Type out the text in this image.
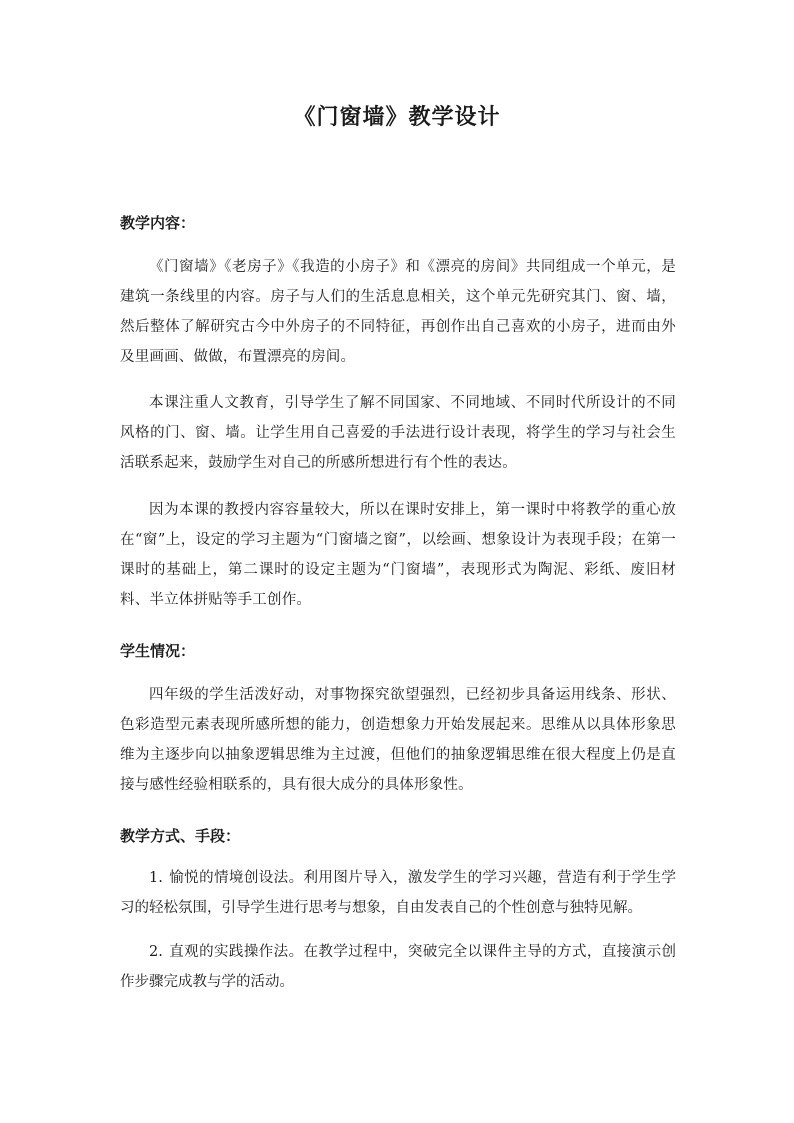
《门窗墙》教学设计
教学内容：
《门窗墙》《老房子》《我造的小房子》和《漂亮的房间》共同组成一个单元，是建筑一条线里的内容。房子与人们的生活息息相关，这个单元先研究其门、窗、墙，然后整体了解研究古今中外房子的不同特征，再创作出自己喜欢的小房子，进而由外及里画画、做做，布置漂亮的房间。
本课注重人文教育，引导学生了解不同国家、不同地域、不同时代所设计的不同风格的门、窗、墙。让学生用自己喜爱的手法进行设计表现，将学生的学习与社会生活联系起来，鼓励学生对自己的所感所想进行有个性的表达。
因为本课的教授内容容量较大，所以在课时安排上，第一课时中将教学的重心放在“窗”上，设定的学习主题为“门窗墙之窗”，以绘画、想象设计为表现手段；在第一课时的基础上，第二课时的设定主题为“门窗墙”，表现形式为陶泥、彩纸、废旧材料、半立体拼贴等手工创作。
学生情况：
四年级的学生活泼好动，对事物探究欲望强烈，已经初步具备运用线条、形状、色彩造型元素表现所感所想的能力，创造想象力开始发展起来。思维从以具体形象思维为主逐步向以抽象逻辑思维为主过渡，但他们的抽象逻辑思维在很大程度上仍是直接与感性经验相联系的，具有很大成分的具体形象性。
教学方式、手段：
1. 愉悦的情境创设法。利用图片导入，激发学生的学习兴趣，营造有利于学生学习的轻松氛围，引导学生进行思考与想象，自由发表自己的个性创意与独特见解。
2. 直观的实践操作法。在教学过程中，突破完全以课件主导的方式，直接演示创作步骤完成教与学的活动。
